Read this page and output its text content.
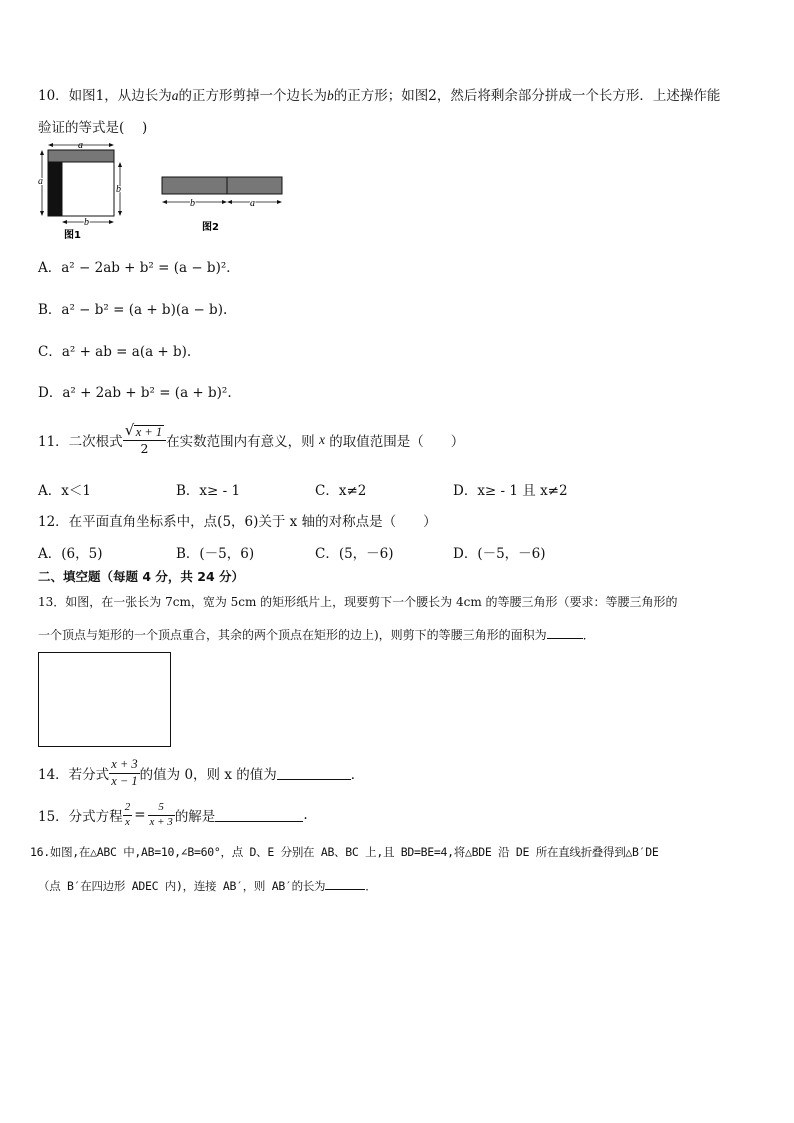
10．如图1，从边长为a的正方形剪掉一个边长为b的正方形；如图2，然后将剩余部分拼成一个长方形．上述操作能
验证的等式是(　 )
a
a
b
b
图1
b	a
图2
A．a² − 2ab + b² = (a − b)²．
B．a² − b² = (a + b)(a − b).
C．a² + ab = a(a + b).
D．a² + 2ab + b² = (a + b)².
11．二次根式 $\frac{√ x + 1}{2}$ 在实数范围内有意义，则
x
的取值范围是（　　）
A．x＜1	B．x≥ - 1	C．x≠2	D．x≥ - 1 且 x≠2
12．在平面直角坐标系中，点(5，6)关于 x 轴的对称点是（　　）
A．(6，5)	B．(－5，6)	C．(5，－6)	D．(－5，－6)
二、填空题（每题 4 分，共 24 分）
13．如图，在一张长为 7cm，宽为 5cm 的矩形纸片上，现要剪下一个腰长为 4cm 的等腰三角形（要求：等腰三角形的
一个顶点与矩形的一个顶点重合，其余的两个顶点在矩形的边上)，则剪下的等腰三角形的面积为	．
14．若分式 $\frac{x + 3}{x - 1}$ 的值为 0，则 x 的值为	．
15．分式方程 $\frac{2}{x} = \frac{5}{x + 3}$ 的解是	.
16.如图,在△ABC 中,AB=10,∠B=60°，点 D、E 分别在 AB、BC 上,且 BD=BE=4,将△BDE 沿 DE 所在直线折叠得到△B′DE
（点 B′在四边形 ADEC 内)，连接 AB′，则 AB′的长为	．
